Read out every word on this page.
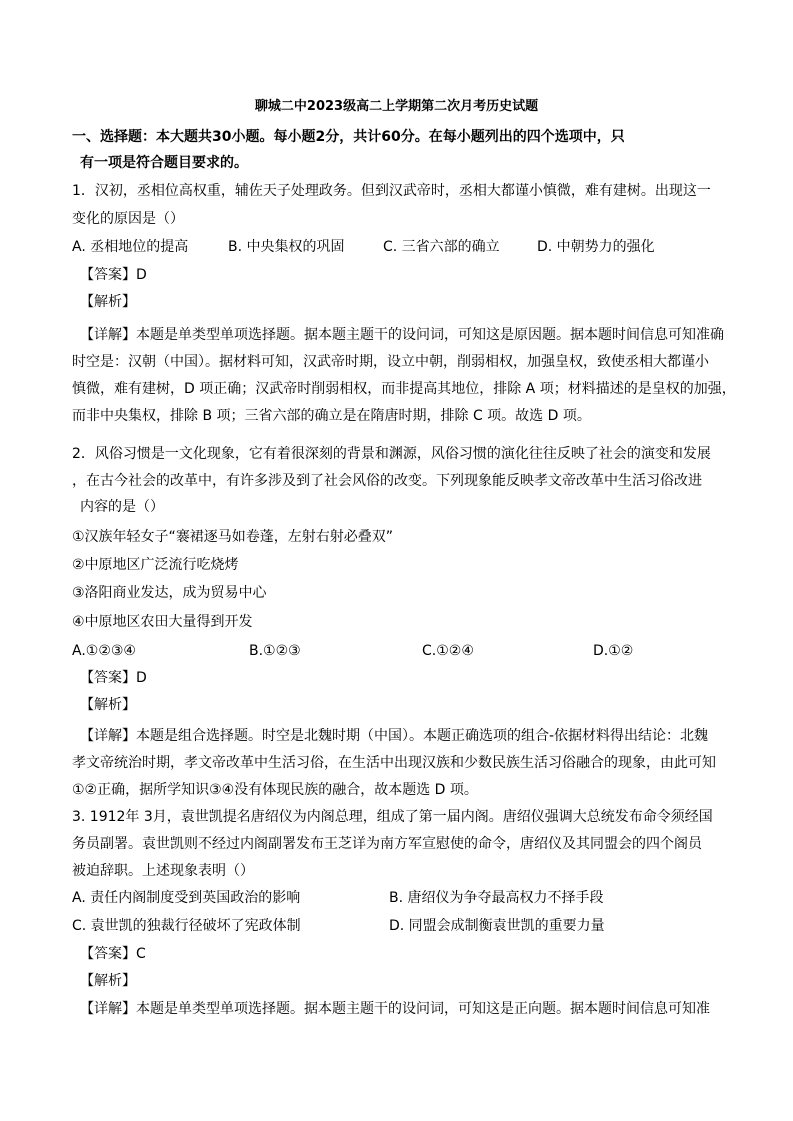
聊城二中2023级高二上学期第二次月考历史试题
一、选择题：本大题共30小题。每小题2分，共计60分。在每小题列出的四个选项中，只
有一项是符合题目要求的。
1．汉初，丞相位高权重，辅佐天子处理政务。但到汉武帝时，丞相大都谨小慎微，难有建树。出现这一
变化的原因是（）
A. 丞相地位的提高	B. 中央集权的巩固	C. 三省六部的确立	D. 中朝势力的强化
【答案】D
【解析】
【详解】本题是单类型单项选择题。据本题主题干的设问词，可知这是原因题。据本题时间信息可知准确
时空是：汉朝（中国）。据材料可知，汉武帝时期，设立中朝，削弱相权，加强皇权，致使丞相大都谨小
慎微，难有建树，D 项正确；汉武帝时削弱相权，而非提高其地位，排除 A 项；材料描述的是皇权的加强，
而非中央集权，排除 B 项；三省六部的确立是在隋唐时期，排除 C 项。故选 D 项。
2．风俗习惯是一文化现象，它有着很深刻的背景和渊源，风俗习惯的演化往往反映了社会的演变和发展
，在古今社会的改革中，有许多涉及到了社会风俗的改变。下列现象能反映孝文帝改革中生活习俗改进
内容的是（）
①汉族年轻女子“褰裙逐马如卷蓬，左射右射必叠双”
②中原地区广泛流行吃烧烤
③洛阳商业发达，成为贸易中心
④中原地区农田大量得到开发
A.①②③④	B.①②③	C.①②④	D.①②
【答案】D
【解析】
【详解】本题是组合选择题。时空是北魏时期（中国）。本题正确选项的组合-依据材料得出结论：北魏
孝文帝统治时期，孝文帝改革中生活习俗，在生活中出现汉族和少数民族生活习俗融合的现象，由此可知
①②正确，据所学知识③④没有体现民族的融合，故本题选 D 项。
3. 1912年 3月，袁世凯提名唐绍仪为内阁总理，组成了第一届内阁。唐绍仪强调大总统发布命令须经国
务员副署。袁世凯则不经过内阁副署发布王芝详为南方军宣慰使的命令，唐绍仪及其同盟会的四个阁员
被迫辞职。上述现象表明（）
A. 责任内阁制度受到英国政治的影响	B. 唐绍仪为争夺最高权力不择手段
C. 袁世凯的独裁行径破坏了宪政体制	D. 同盟会成制衡袁世凯的重要力量
【答案】C
【解析】
【详解】本题是单类型单项选择题。据本题主题干的设问词，可知这是正向题。据本题时间信息可知准
